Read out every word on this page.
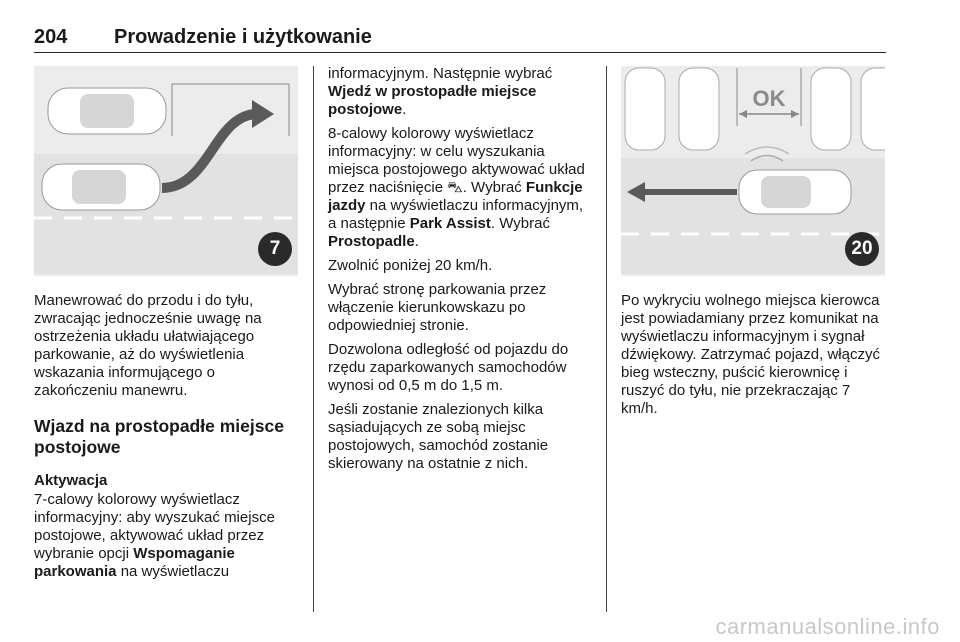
204 Prowadzenie i użytkowanie
7

Manewrować do przodu i do tyłu, zwracając jednocześnie uwagę na ostrzeżenia układu ułatwiającego parkowanie, aż do wyświetlenia wskazania informującego o zakończeniu manewru.

Wjazd na prostopadłe miejsce postojowe
Aktywacja

7-calowy kolorowy wyświetlacz informacyjny: aby wyszukać miejsce postojowe, aktywować układ przez wybranie opcji Wspomaganie parkowania na wyświetlaczu

informacyjnym. Następnie wybrać Wjedź w prostopadłe miejsce postojowe.

8-calowy kolorowy wyświetlacz informacyjny: w celu wyszukania miejsca postojowego aktywować układ przez naciśnięcie ⛍. Wybrać Funkcje jazdy na wyświetlaczu informacyjnym, a następnie Park Assist. Wybrać Prostopadle.

Zwolnić poniżej 20 km/h.

Wybrać stronę parkowania przez włączenie kierunkowskazu po odpowiedniej stronie.

Dozwolona odległość od pojazdu do rzędu zaparkowanych samochodów wynosi od 0,5 m do 1,5 m.

Jeśli zostanie znalezionych kilka sąsiadujących ze sobą miejsc postojowych, samochód zostanie skierowany na ostatnie z nich.

OK
20

Po wykryciu wolnego miejsca kierowca jest powiadamiany przez komunikat na wyświetlaczu informacyjnym i sygnał dźwiękowy. Zatrzymać pojazd, włączyć bieg wsteczny, puścić kierownicę i ruszyć do tyłu, nie przekraczając 7 km/h.

carmanualsonline.info
